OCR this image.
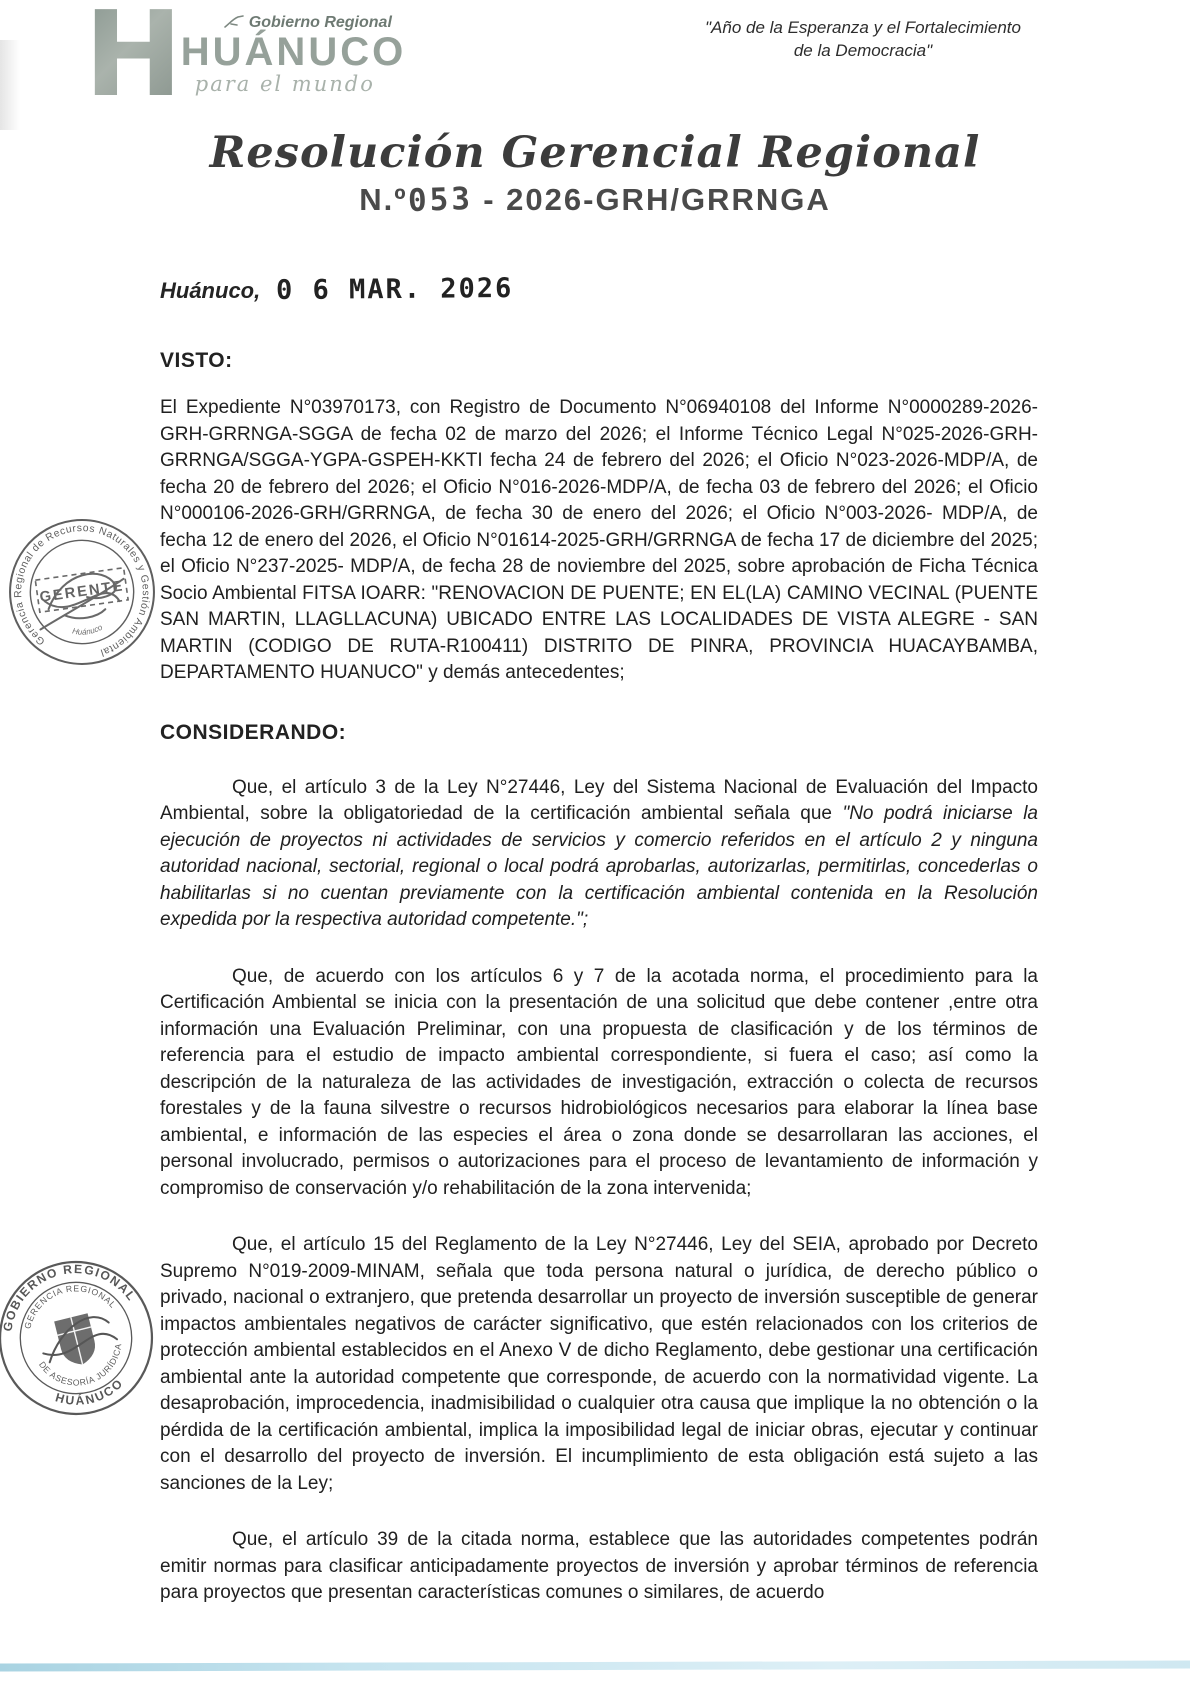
H	Gobierno Regional
HUÁNUCO
para el mundo
"Año de la Esperanza y el Fortalecimiento
de la Democracia"
Resolución Gerencial Regional
N.º053 - 2026-GRH/GRRNGA
Huánuco, 0 6 MAR. 2026
VISTO:

El Expediente N°03970173, con Registro de Documento N°06940108 del Informe N°0000289-2026-GRH-GRRNGA-SGGA de fecha 02 de marzo del 2026; el Informe Técnico Legal N°025-2026-GRH-GRRNGA/SGGA-YGPA-GSPEH-KKTI fecha 24 de febrero del 2026; el Oficio N°023-2026-MDP/A, de fecha 20 de febrero del 2026; el Oficio N°016-2026-MDP/A, de fecha 03 de febrero del 2026; el Oficio N°000106-2026-GRH/GRRNGA, de fecha 30 de enero del 2026; el Oficio N°003-2026- MDP/A, de fecha 12 de enero del 2026, el Oficio N°01614-2025-GRH/GRRNGA de fecha 17 de diciembre del 2025; el Oficio N°237-2025- MDP/A, de fecha 28 de noviembre del 2025, sobre aprobación de Ficha Técnica Socio Ambiental FITSA IOARR: "RENOVACION DE PUENTE; EN EL(LA) CAMINO VECINAL (PUENTE SAN MARTIN, LLAGLLACUNA) UBICADO ENTRE LAS LOCALIDADES DE VISTA ALEGRE - SAN MARTIN (CODIGO DE RUTA-R100411) DISTRITO DE PINRA, PROVINCIA HUACAYBAMBA, DEPARTAMENTO HUANUCO" y demás antecedentes;

CONSIDERANDO:

Que, el artículo 3 de la Ley N°27446, Ley del Sistema Nacional de Evaluación del Impacto Ambiental, sobre la obligatoriedad de la certificación ambiental señala que "No podrá iniciarse la ejecución de proyectos ni actividades de servicios y comercio referidos en el artículo 2 y ninguna autoridad nacional, sectorial, regional o local podrá aprobarlas, autorizarlas, permitirlas, concederlas o habilitarlas si no cuentan previamente con la certificación ambiental contenida en la Resolución expedida por la respectiva autoridad competente.";

Que, de acuerdo con los artículos 6 y 7 de la acotada norma, el procedimiento para la Certificación Ambiental se inicia con la presentación de una solicitud que debe contener ,entre otra información una Evaluación Preliminar, con una propuesta de clasificación y de los términos de referencia para el estudio de impacto ambiental correspondiente, si fuera el caso; así como la descripción de la naturaleza de las actividades de investigación, extracción o colecta de recursos forestales y de la fauna silvestre o recursos hidrobiológicos necesarios para elaborar la línea base ambiental, e información de las especies el área o zona donde se desarrollaran las acciones, el personal involucrado, permisos o autorizaciones para el proceso de levantamiento de información y compromiso de conservación y/o rehabilitación de la zona intervenida;

Que, el artículo 15 del Reglamento de la Ley N°27446, Ley del SEIA, aprobado por Decreto Supremo N°019-2009-MINAM, señala que toda persona natural o jurídica, de derecho público o privado, nacional o extranjero, que pretenda desarrollar un proyecto de inversión susceptible de generar impactos ambientales negativos de carácter significativo, que estén relacionados con los criterios de protección ambiental establecidos en el Anexo V de dicho Reglamento, debe gestionar una certificación ambiental ante la autoridad competente que corresponde, de acuerdo con la normatividad vigente. La desaprobación, improcedencia, inadmisibilidad o cualquier otra causa que implique la no obtención o la pérdida de la certificación ambiental, implica la imposibilidad legal de iniciar obras, ejecutar y continuar con el desarrollo del proyecto de inversión. El incumplimiento de esta obligación está sujeto a las sanciones de la Ley;

Que, el artículo 39 de la citada norma, establece que las autoridades competentes podrán emitir normas para clasificar anticipadamente proyectos de inversión y aprobar términos de referencia para proyectos que presentan características comunes o similares, de acuerdo

Gerencia Regional de Recursos Naturales y Gestión Ambiental
Huánuco
GERENTE
GOBIERNO REGIONAL
HUÁNUCO
GERENCIA REGIONAL
DE ASESORÍA JURÍDICA
